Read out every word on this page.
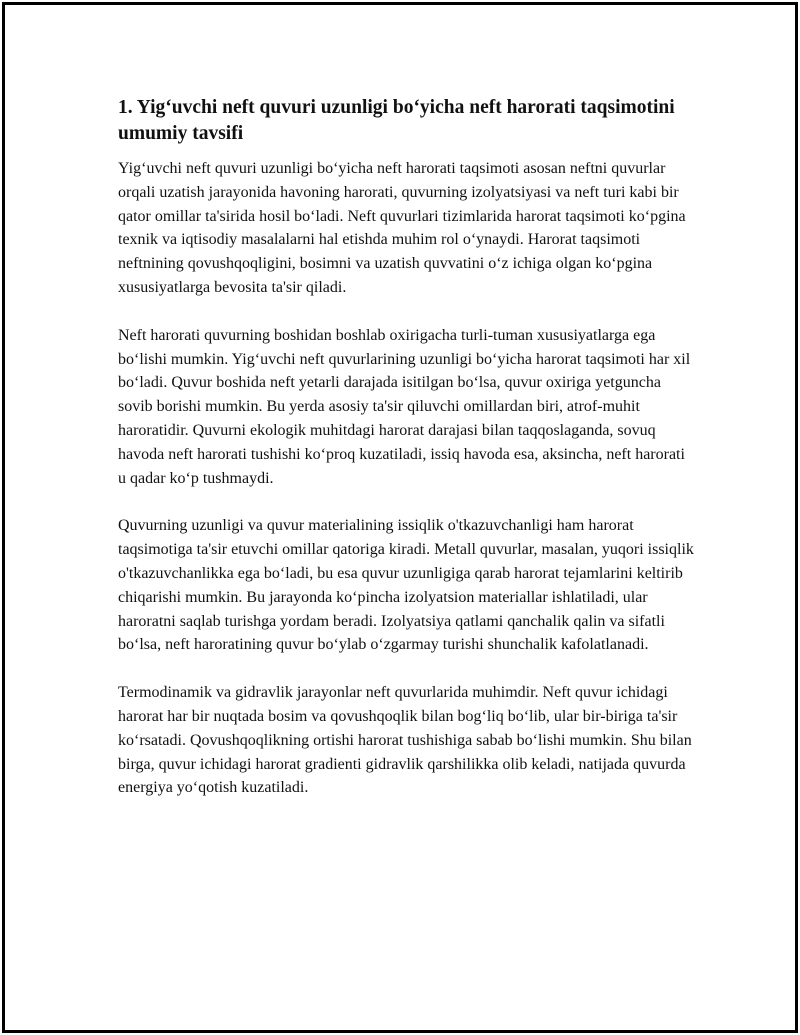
1. Yig‘uvchi neft quvuri uzunligi bo‘yicha neft harorati taqsimotini umumiy tavsifi

Yig‘uvchi neft quvuri uzunligi bo‘yicha neft harorati taqsimoti asosan neftni quvurlar orqali uzatish jarayonida havoning harorati, quvurning izolyatsiyasi va neft turi kabi bir qator omillar ta'sirida hosil bo‘ladi. Neft quvurlari tizimlarida harorat taqsimoti ko‘pgina texnik va iqtisodiy masalalarni hal etishda muhim rol o‘ynaydi. Harorat taqsimoti neftnining qovushqoqligini, bosimni va uzatish quvvatini o‘z ichiga olgan ko‘pgina xususiyatlarga bevosita ta'sir qiladi.

Neft harorati quvurning boshidan boshlab oxirigacha turli-tuman xususiyatlarga ega bo‘lishi mumkin. Yig‘uvchi neft quvurlarining uzunligi bo‘yicha harorat taqsimoti har xil bo‘ladi. Quvur boshida neft yetarli darajada isitilgan bo‘lsa, quvur oxiriga yetguncha sovib borishi mumkin. Bu yerda asosiy ta'sir qiluvchi omillardan biri, atrof-muhit haroratidir. Quvurni ekologik muhitdagi harorat darajasi bilan taqqoslaganda, sovuq havoda neft harorati tushishi ko‘proq kuzatiladi, issiq havoda esa, aksincha, neft harorati u qadar ko‘p tushmaydi.

Quvurning uzunligi va quvur materialining issiqlik o'tkazuvchanligi ham harorat taqsimotiga ta'sir etuvchi omillar qatoriga kiradi. Metall quvurlar, masalan, yuqori issiqlik o'tkazuvchanlikka ega bo‘ladi, bu esa quvur uzunligiga qarab harorat tejamlarini keltirib chiqarishi mumkin. Bu jarayonda ko‘pincha izolyatsion materiallar ishlatiladi, ular haroratni saqlab turishga yordam beradi. Izolyatsiya qatlami qanchalik qalin va sifatli bo‘lsa, neft haroratining quvur bo‘ylab o‘zgarmay turishi shunchalik kafolatlanadi.

Termodinamik va gidravlik jarayonlar neft quvurlarida muhimdir. Neft quvur ichidagi harorat har bir nuqtada bosim va qovushqoqlik bilan bog‘liq bo‘lib, ular bir-biriga ta'sir ko‘rsatadi. Qovushqoqlikning ortishi harorat tushishiga sabab bo‘lishi mumkin. Shu bilan birga, quvur ichidagi harorat gradienti gidravlik qarshilikka olib keladi, natijada quvurda energiya yo‘qotish kuzatiladi.
